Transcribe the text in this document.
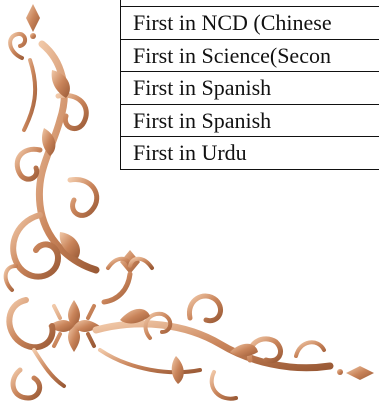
First in NCD (Chinese
First in Science(Secon
First in Spanish
First in Spanish
First in Urdu
